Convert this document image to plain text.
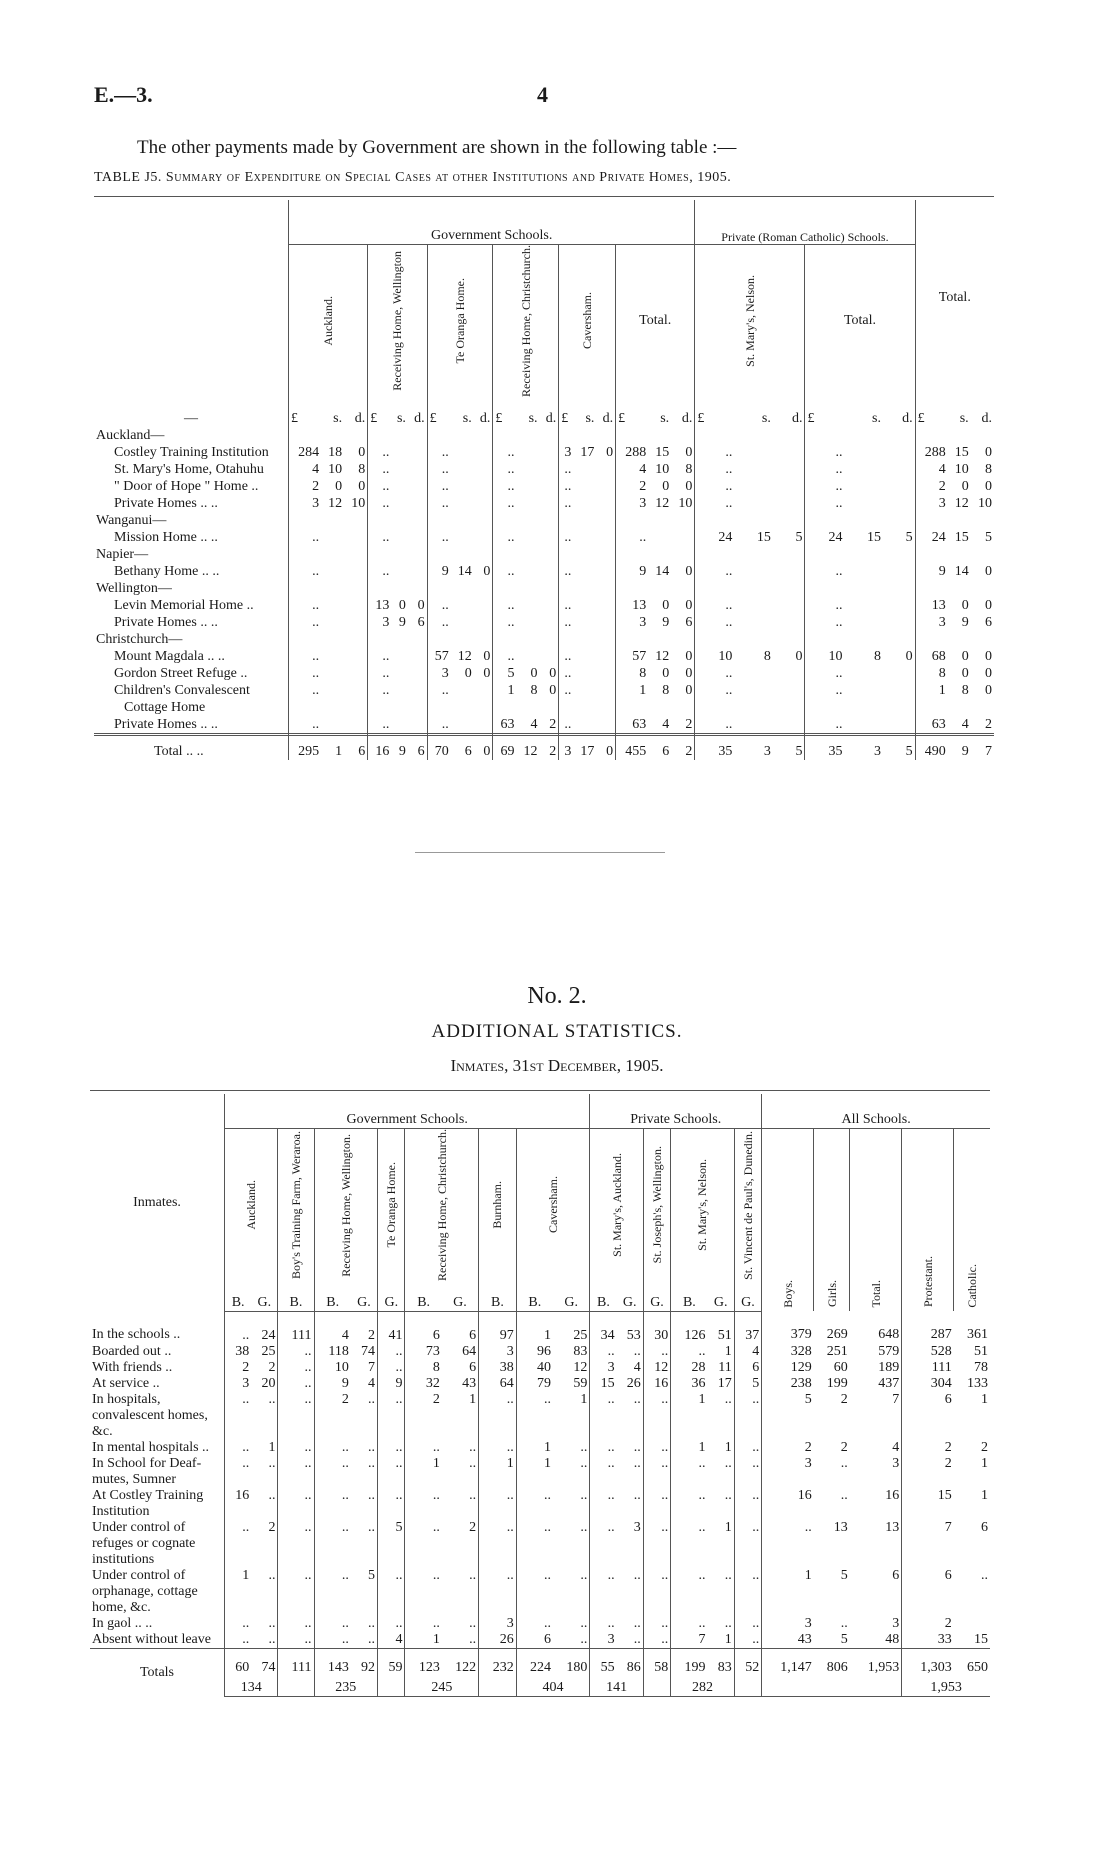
E.—3.	4
The other payments made by Government are shown in the following table :—
TABLE J5. Summary of Expenditure on Special Cases at other Institutions and Private Homes, 1905.
—	Government Schools.																		Private (Roman Catholic) Schools.						Total.		

	Auckland.			Receiving Home, Wellington			Te Oranga Home.			Receiving Home, Christchurch.			Caversham.			Total.			St. Mary's, Nelson.			Total.					
	£	s.	d.	£	s.	d.	£	s.	d.	£	s.	d.	£	s.	d.	£	s.	d.	£	s.	d.	£	s.	d.	£	s.	d.
Auckland—																											
Costley Training Institution	284	18	0	..			..			..			3	17	0	288	15	0	..			..			288	15	0
St. Mary's Home, Otahuhu	4	10	8	..			..			..			..			4	10	8	..			..			4	10	8
" Door of Hope " Home ..	2	0	0	..			..			..			..			2	0	0	..			..			2	0	0
Private Homes .. ..	3	12	10	..			..			..			..			3	12	10	..			..			3	12	10
Wanganui—																											
Mission Home .. ..	..			..			..			..			..			..			24	15	5	24	15	5	24	15	5
Napier—																											
Bethany Home .. ..	..			..			9	14	0	..			..			9	14	0	..			..			9	14	0
Wellington—																											
Levin Memorial Home ..	..			13	0	0	..			..			..			13	0	0	..			..			13	0	0
Private Homes .. ..	..			3	9	6	..			..			..			3	9	6	..			..			3	9	6
Christchurch—																											
Mount Magdala .. ..	..			..			57	12	0	..			..			57	12	0	10	8	0	10	8	0	68	0	0
Gordon Street Refuge ..	..			..			3	0	0	5	0	0	..			8	0	0	..			..			8	0	0
Children's Convalescent	..			..			..			1	8	0	..			1	8	0	..			..			1	8	0
Cottage Home																											
Private Homes .. ..	..			..			..			63	4	2	..			63	4	2	..			..			63	4	2
Total .. ..	295	1	6	16	9	6	70	6	0	69	12	2	3	17	0	455	6	2	35	3	5	35	3	5	490	9	7
No. 2.
ADDITIONAL STATISTICS.
Inmates, 31st December, 1905.
Inmates.	Government Schools.											Private Schools.						All Schools.				

	Auckland.		Boy's Training Farm, Weraroa.	Receiving Home, Wellington.		Te Oranga Home.	Receiving Home, Christchurch.		Burnham.	Caversham.		St. Mary's, Auckland.		St. Joseph's, Wellington.	St. Mary's, Nelson.		St. Vincent de Paul's, Dunedin.	Boys.	Girls.	Total.	Protestant.	Catholic.

	B.	G.	B.	B.	G.	G.	B.	G.	B.	B.	G.	B.	G.	G.	B.	G.	G.					
In the schools ..	..	24	111	4	2	41	6	6	97	1	25	34	53	30	126	51	37	379	269	648	287	361
Boarded out ..	38	25	..	118	74	..	73	64	3	96	83	..	..	..	..	1	4	328	251	579	528	51
With friends ..	2	2	..	10	7	..	8	6	38	40	12	3	4	12	28	11	6	129	60	189	111	78
At service ..	3	20	..	9	4	9	32	43	64	79	59	15	26	16	36	17	5	238	199	437	304	133
In hospitals, convalescent homes, &c.	..	..	..	2	..	..	2	1	..	..	1	..	..	..	1	..	..	5	2	7	6	1
In mental hospitals ..	..	1	..	..	..	..	..	..	..	1	..	..	..	..	1	1	..	2	2	4	2	2
In School for Deaf-mutes, Sumner	..	..	..	..	..	..	1	..	1	1	..	..	..	..	..	..	..	3	..	3	2	1
At Costley Training Institution	16	..	..	..	..	..	..	..	..	..	..	..	..	..	..	..	..	16	..	16	15	1
Under control of refuges or cognate institutions	..	2	..	..	..	5	..	2	..	..	..	..	3	..	..	1	..	..	13	13	7	6
Under control of orphanage, cottage home, &c.	1	..	..	..	5	..	..	..	..	..	..	..	..	..	..	..	..	1	5	6	6	..
In gaol .. ..	..	..	..	..	..	..	..	..	3	..	..	..	..	..	..	..	..	3	..	3	2	
Absent without leave	..	..	..	..	..	4	1	..	26	6	..	3	..	..	7	1	..	43	5	48	33	15
Totals	60	74	111	143	92	59	123	122	232	224	180	55	86	58	199	83	52	1,147	806	1,953	1,303	650
	134			235			245			404		141			282						1,953	
